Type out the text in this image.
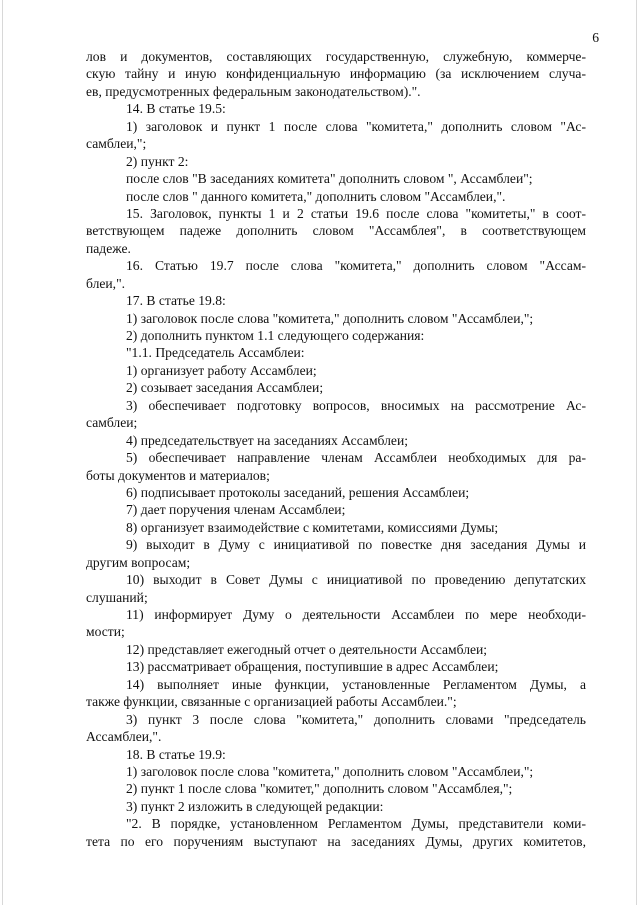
6
лов и документов, составляющих государственную, служебную, коммерче-
скую тайну и иную конфиденциальную информацию (за исключением случа-
ев, предусмотренных федеральным законодательством).".
14. В статье 19.5:
1) заголовок и пункт 1 после слова "комитета," дополнить словом "Ас-
самблеи,";
2) пункт 2:
после слов "В заседаниях комитета" дополнить словом ", Ассамблеи";
после слов " данного комитета," дополнить словом "Ассамблеи,".
15. Заголовок, пункты 1 и 2 статьи 19.6 после слова "комитеты," в соот-
ветствующем падеже дополнить словом "Ассамблея", в соответствующем
падеже.
16. Статью 19.7 после слова "комитета," дополнить словом "Ассам-
блеи,".
17. В статье 19.8:
1) заголовок после слова "комитета," дополнить словом "Ассамблеи,";
2) дополнить пунктом 1.1 следующего содержания:
"1.1. Председатель Ассамблеи:
1) организует работу Ассамблеи;
2) созывает заседания Ассамблеи;
3) обеспечивает подготовку вопросов, вносимых на рассмотрение Ас-
самблеи;
4) председательствует на заседаниях Ассамблеи;
5) обеспечивает направление членам Ассамблеи необходимых для ра-
боты документов и материалов;
6) подписывает протоколы заседаний, решения Ассамблеи;
7) дает поручения членам Ассамблеи;
8) организует взаимодействие с комитетами, комиссиями Думы;
9) выходит в Думу с инициативой по повестке дня заседания Думы и
другим вопросам;
10) выходит в Совет Думы с инициативой по проведению депутатских
слушаний;
11) информирует Думу о деятельности Ассамблеи по мере необходи-
мости;
12) представляет ежегодный отчет о деятельности Ассамблеи;
13) рассматривает обращения, поступившие в адрес Ассамблеи;
14) выполняет иные функции, установленные Регламентом Думы, а
также функции, связанные с организацией работы Ассамблеи.";
3) пункт 3 после слова "комитета," дополнить словами "председатель
Ассамблеи,".
18. В статье 19.9:
1) заголовок после слова "комитета," дополнить словом "Ассамблеи,";
2) пункт 1 после слова "комитет," дополнить словом "Ассамблея,";
3) пункт 2 изложить в следующей редакции:
"2. В порядке, установленном Регламентом Думы, представители коми-
тета по его поручениям выступают на заседаниях Думы, других комитетов,
